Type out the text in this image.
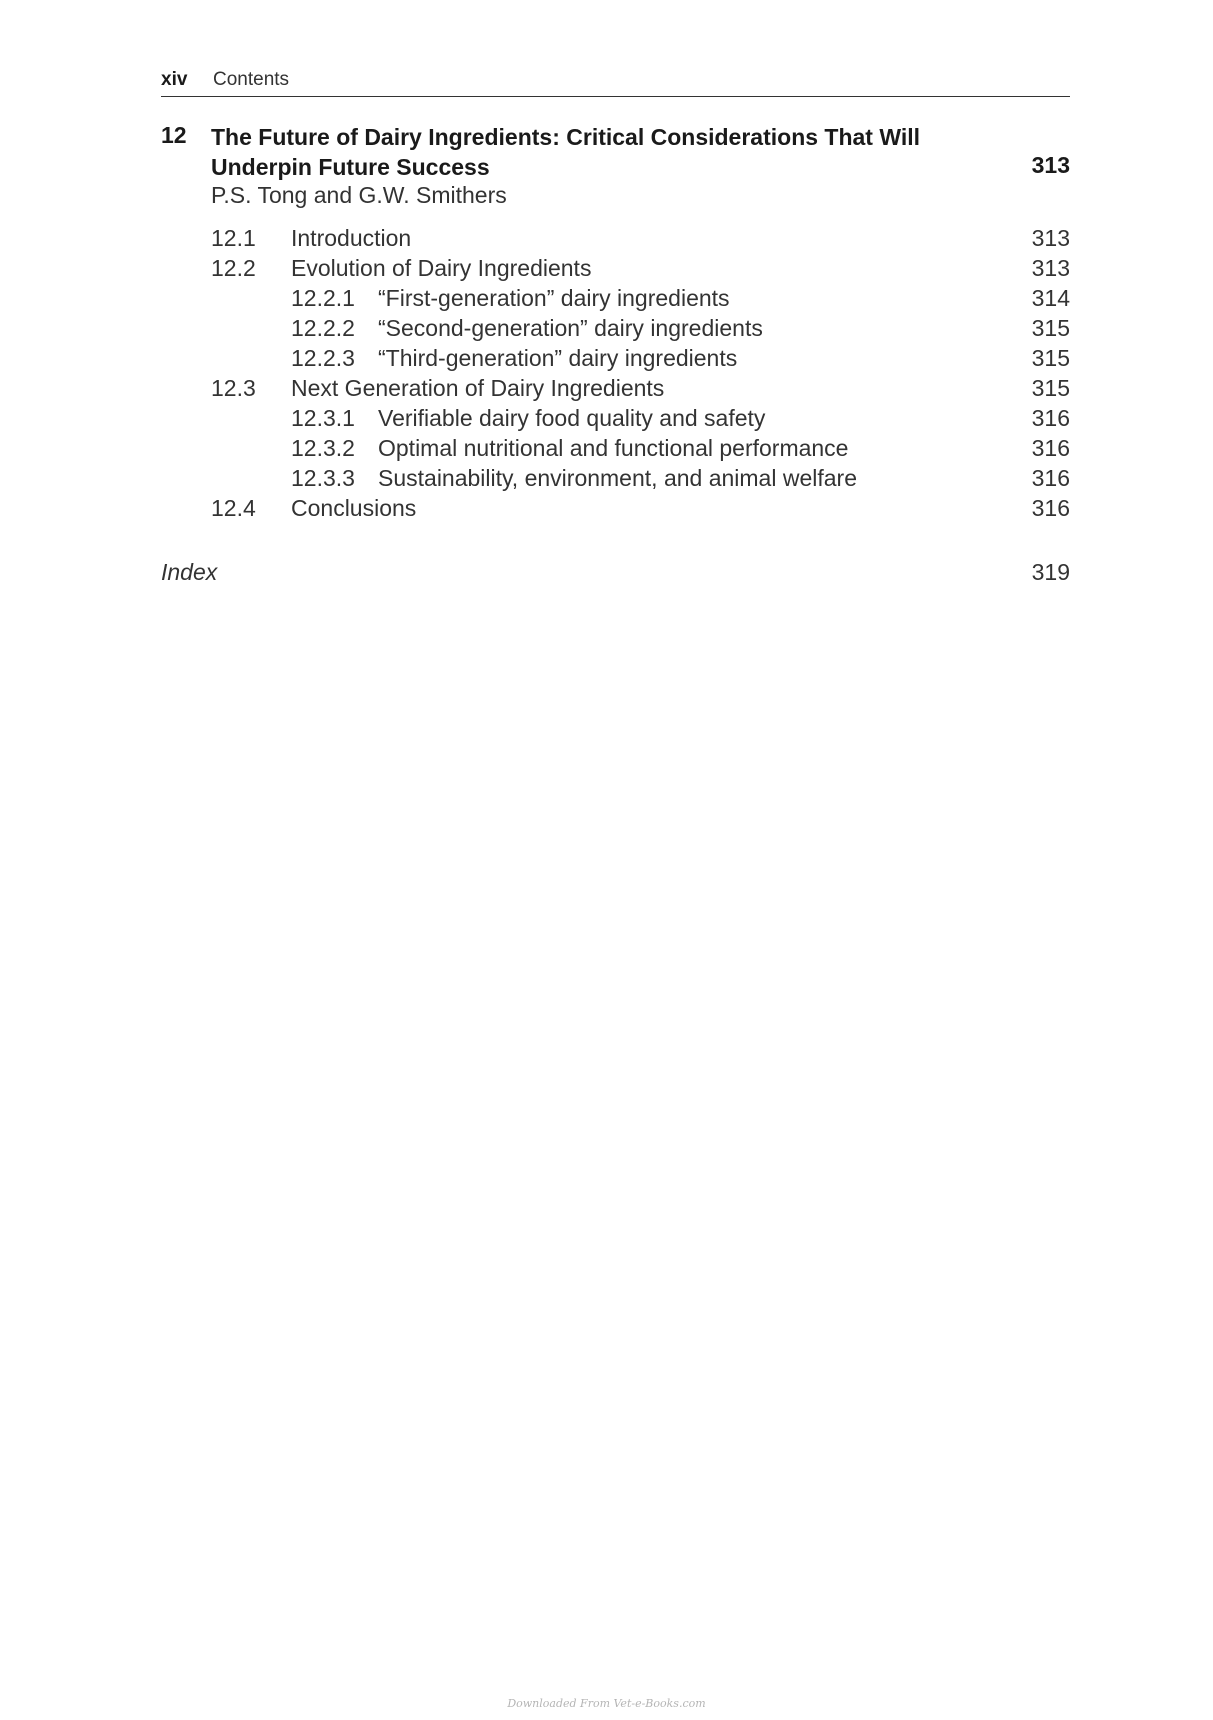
xiv Contents
12 The Future of Dairy Ingredients: Critical Considerations That Will Underpin Future Success	313
P.S. Tong and G.W. Smithers
12.1 Introduction	313
12.2 Evolution of Dairy Ingredients	313
12.2.1 “First-generation” dairy ingredients	314
12.2.2 “Second-generation” dairy ingredients	315
12.2.3 “Third-generation” dairy ingredients	315
12.3 Next Generation of Dairy Ingredients	315
12.3.1 Verifiable dairy food quality and safety	316
12.3.2 Optimal nutritional and functional performance	316
12.3.3 Sustainability, environment, and animal welfare	316
12.4 Conclusions	316
Index	319
Downloaded From Vet-e-Books.com
